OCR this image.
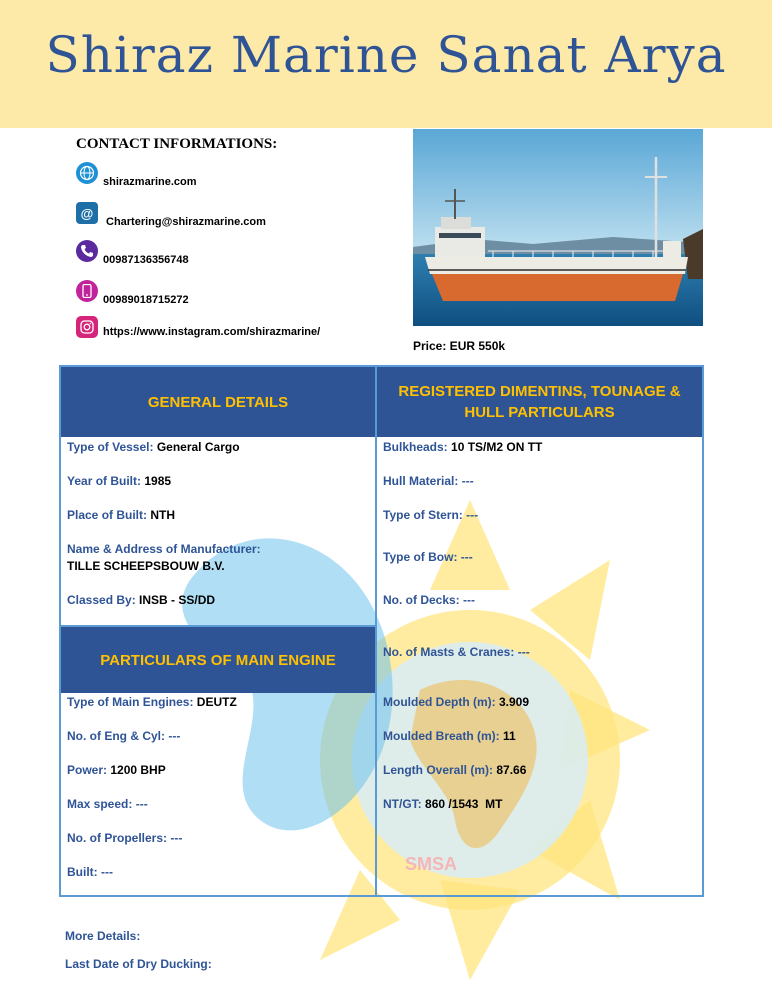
Shiraz Marine Sanat Arya
SMSA
CONTACT INFORMATIONS:
shirazmarine.com
@
Chartering@shirazmarine.com
00987136356748
00989018715272
https://www.instagram.com/shirazmarine/
Price: EUR 550k
GENERAL DETAILS
REGISTERED DIMENTINS, TOUNAGE &
HULL PARTICULARS
PARTICULARS OF MAIN ENGINE
Type of Vessel: General Cargo
Year of Built: 1985
Place of Built: NTH
Name & Address of Manufacturer:
TILLE SCHEEPSBOUW B.V.
Classed By: INSB - SS/DD
Type of Main Engines: DEUTZ
No. of Eng & Cyl: ---
Power: 1200 BHP
Max speed: ---
No. of Propellers: ---
Built: ---
Bulkheads: 10 TS/M2 ON TT
Hull Material: ---
Type of Stern: ---
Type of Bow: ---
No. of Decks: ---
No. of Masts & Cranes: ---
Moulded Depth (m): 3.909
Moulded Breath (m): 11
Length Overall (m): 87.66
NT/GT: 860 /1543  MT
More Details:
Last Date of Dry Ducking:
